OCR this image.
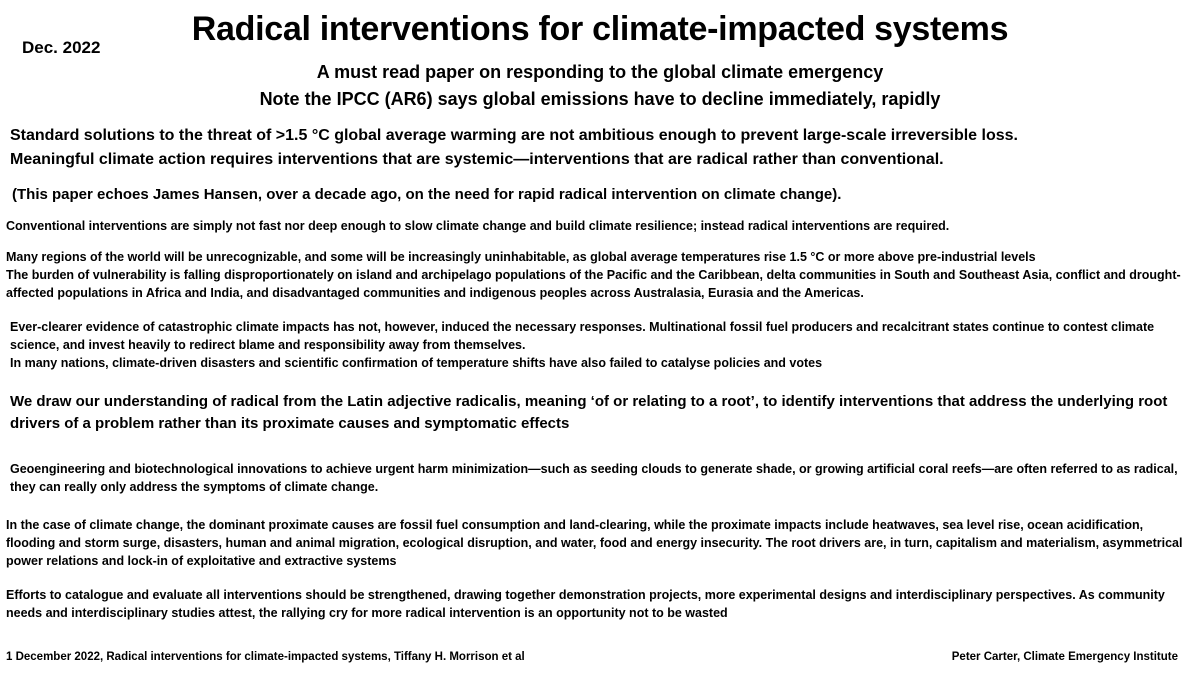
Dec. 2022	Radical interventions for climate-impacted systems
A must read paper on responding to the global climate emergency
Note the IPCC (AR6) says global emissions have to decline immediately, rapidly
Standard solutions to the threat of >1.5 °C global average warming are not ambitious enough to prevent large-scale irreversible loss.
Meaningful climate action requires interventions that are systemic—interventions that are radical rather than conventional.
(This paper echoes James Hansen, over a decade ago, on the need for rapid radical intervention on climate change).
Conventional interventions are simply not fast nor deep enough to slow climate change and build climate resilience; instead radical interventions are required.
Many regions of the world will be unrecognizable, and some will be increasingly uninhabitable, as global average temperatures rise 1.5 °C or more above pre-industrial levels
The burden of vulnerability is falling disproportionately on island and archipelago populations of the Pacific and the Caribbean, delta communities in South and Southeast Asia, conflict and drought-affected populations in Africa and India, and disadvantaged communities and indigenous peoples across Australasia, Eurasia and the Americas.
Ever-clearer evidence of catastrophic climate impacts has not, however, induced the necessary responses. Multinational fossil fuel producers and recalcitrant states continue to contest climate science, and invest heavily to redirect blame and responsibility away from themselves.
In many nations, climate-driven disasters and scientific confirmation of temperature shifts have also failed to catalyse policies and votes
We draw our understanding of radical from the Latin adjective radicalis, meaning ‘of or relating to a root’, to identify interventions that address the underlying root drivers of a problem rather than its proximate causes and symptomatic effects
Geoengineering and biotechnological innovations to achieve urgent harm minimization—such as seeding clouds to generate shade, or growing artificial coral reefs—are often referred to as radical, they can really only address the symptoms of climate change.
In the case of climate change, the dominant proximate causes are fossil fuel consumption and land-clearing, while the proximate impacts include heatwaves, sea level rise, ocean acidification, flooding and storm surge, disasters, human and animal migration, ecological disruption, and water, food and energy insecurity. The root drivers are, in turn, capitalism and materialism, asymmetrical power relations and lock-in of exploitative and extractive systems
Efforts to catalogue and evaluate all interventions should be strengthened, drawing together demonstration projects, more experimental designs and interdisciplinary perspectives. As community needs and interdisciplinary studies attest, the rallying cry for more radical intervention is an opportunity not to be wasted
1 December 2022, Radical interventions for climate-impacted systems, Tiffany H. Morrison et al	Peter Carter, Climate Emergency Institute
